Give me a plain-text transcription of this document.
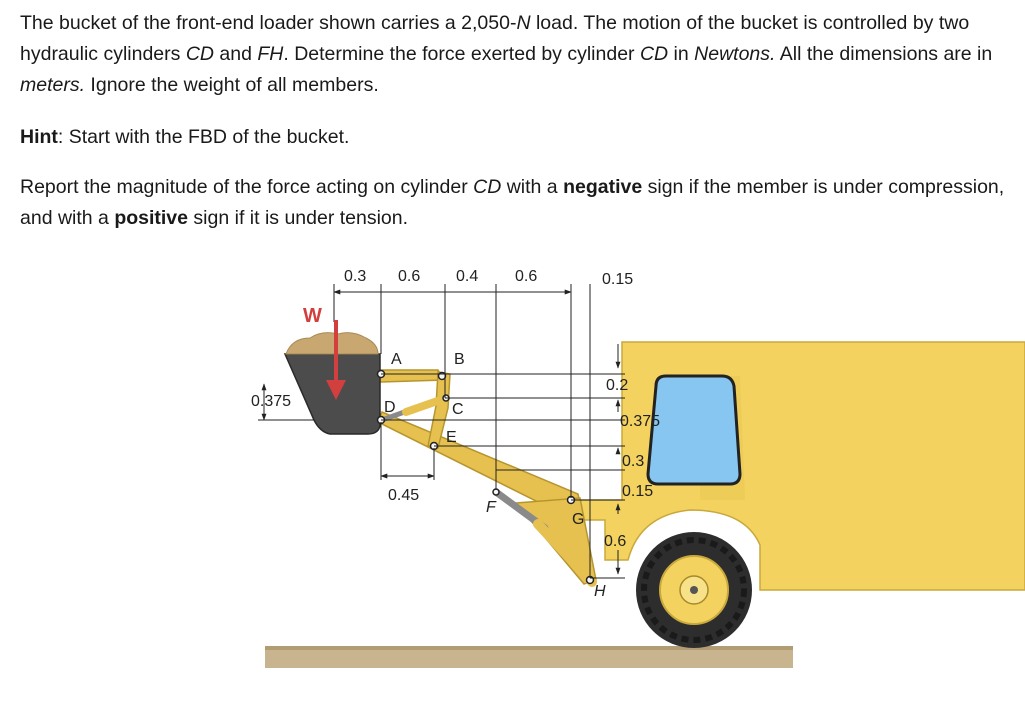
The bucket of the front-end loader shown carries a 2,050-N load. The motion of the bucket is controlled by two hydraulic cylinders CD and FH. Determine the force exerted by cylinder CD in Newtons. All the dimensions are in meters. Ignore the weight of all members.
Hint: Start with the FBD of the bucket.
Report the magnitude of the force acting on cylinder CD with a negative sign if the member is under compression, and with a positive sign if it is under tension.
W
0.3 0.6 0.4 0.6	0.15
0.2
0.375
0.3
0.15
0.6
0.375
0.45
A	B
C
D
E
F
G
H
